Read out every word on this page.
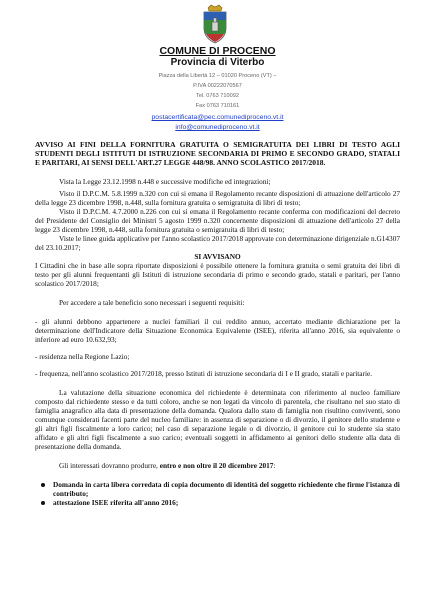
COMUNE DI PROCENO
Provincia di Viterbo
Piazza della Libertà 12 – 01020 Proceno (VT) –
P.IVA 00222070567
Tel. 0763 710092
Fax 0763 710161
postacertificata@pec.comunediproceno.vt.it
info@comunediproceno.vt.it
AVVISO AI FINI DELLA FORNITURA GRATUITA O SEMIGRATUITA DEI LIBRI DI TESTO AGLI STUDENTI DEGLI ISTITUTI DI ISTRUZIONE SECONDARIA DI PRIMO E SECONDO GRADO, STATALI E PARITARI, AI SENSI DELL'ART.27 LEGGE 448/98. ANNO SCOLASTICO 2017/2018.
Vista la Legge 23.12.1998 n.448 e successive modifiche ed integrazioni;
Visto il D.P.C.M. 5.8.1999 n.320 con cui si emana il Regolamento recante disposizioni di attuazione dell'articolo 27 della legge 23 dicembre 1998, n.448, sulla fornitura gratuita o semigratuita di libri di testo;
Visto il D.P.C.M. 4.7.2000 n.226 con cui si emana il Regolamento recante conferma con modificazioni del decreto del Presidente del Consiglio dei Ministri 5 agosto 1999 n.320 concernente disposizioni di attuazione dell'articolo 27 della legge 23 dicembre 1998, n.448, sulla fornitura gratuita o semigratuita di libri di testo;
Viste le linee guida applicative per l'anno scolastico 2017/2018 approvate con determinazione dirigenziale n.G14307 del 23.10.2017;
SI AVVISANO
I Cittadini che in base alle sopra riportate disposizioni è possibile ottenere la fornitura gratuita o semi gratuita dei libri di testo per gli alunni frequentanti gli Istituti di istruzione secondaria di primo e secondo grado, statali e paritari, per l'anno scolastico 2017/2018;
Per accedere a tale beneficio sono necessari i seguenti requisiti:
- gli alunni debbono appartenere a nuclei familiari il cui reddito annuo, accertato mediante dichiarazione per la determinazione dell'Indicatore della Situazione Economica Equivalente (ISEE), riferita all'anno 2016, sia equivalente o inferiore ad euro 10.632,93;
- residenza nella Regione Lazio;
- frequenza, nell'anno scolastico 2017/2018, presso Istituti di istruzione secondaria di I e II grado, statali e paritarie.
La valutazione della situazione economica del richiedente è determinata con riferimento al nucleo familiare composto dal richiedente stesso e da tutti coloro, anche se non legati da vincolo di parentela, che risultano nel suo stato di famiglia anagrafico alla data di presentazione della domanda. Qualora dallo stato di famiglia non risultino conviventi, sono comunque considerati facenti parte del nucleo familiare: in assenza di separazione o di divorzio, il genitore dello studente e gli altri figli fiscalmente a loro carico; nel caso di separazione legale o di divorzio, il genitore cui lo studente sia stato affidato e gli altri figli fiscalmente a suo carico; eventuali soggetti in affidamento ai genitori dello studente alla data di presentazione della domanda.
Gli interessati dovranno produrre, entro e non oltre il 20 dicembre 2017:
Domanda in carta libera corredata di copia documento di identità del soggetto richiedente che firme l'istanza di contributo;
attestazione ISEE riferita all'anno 2016;
